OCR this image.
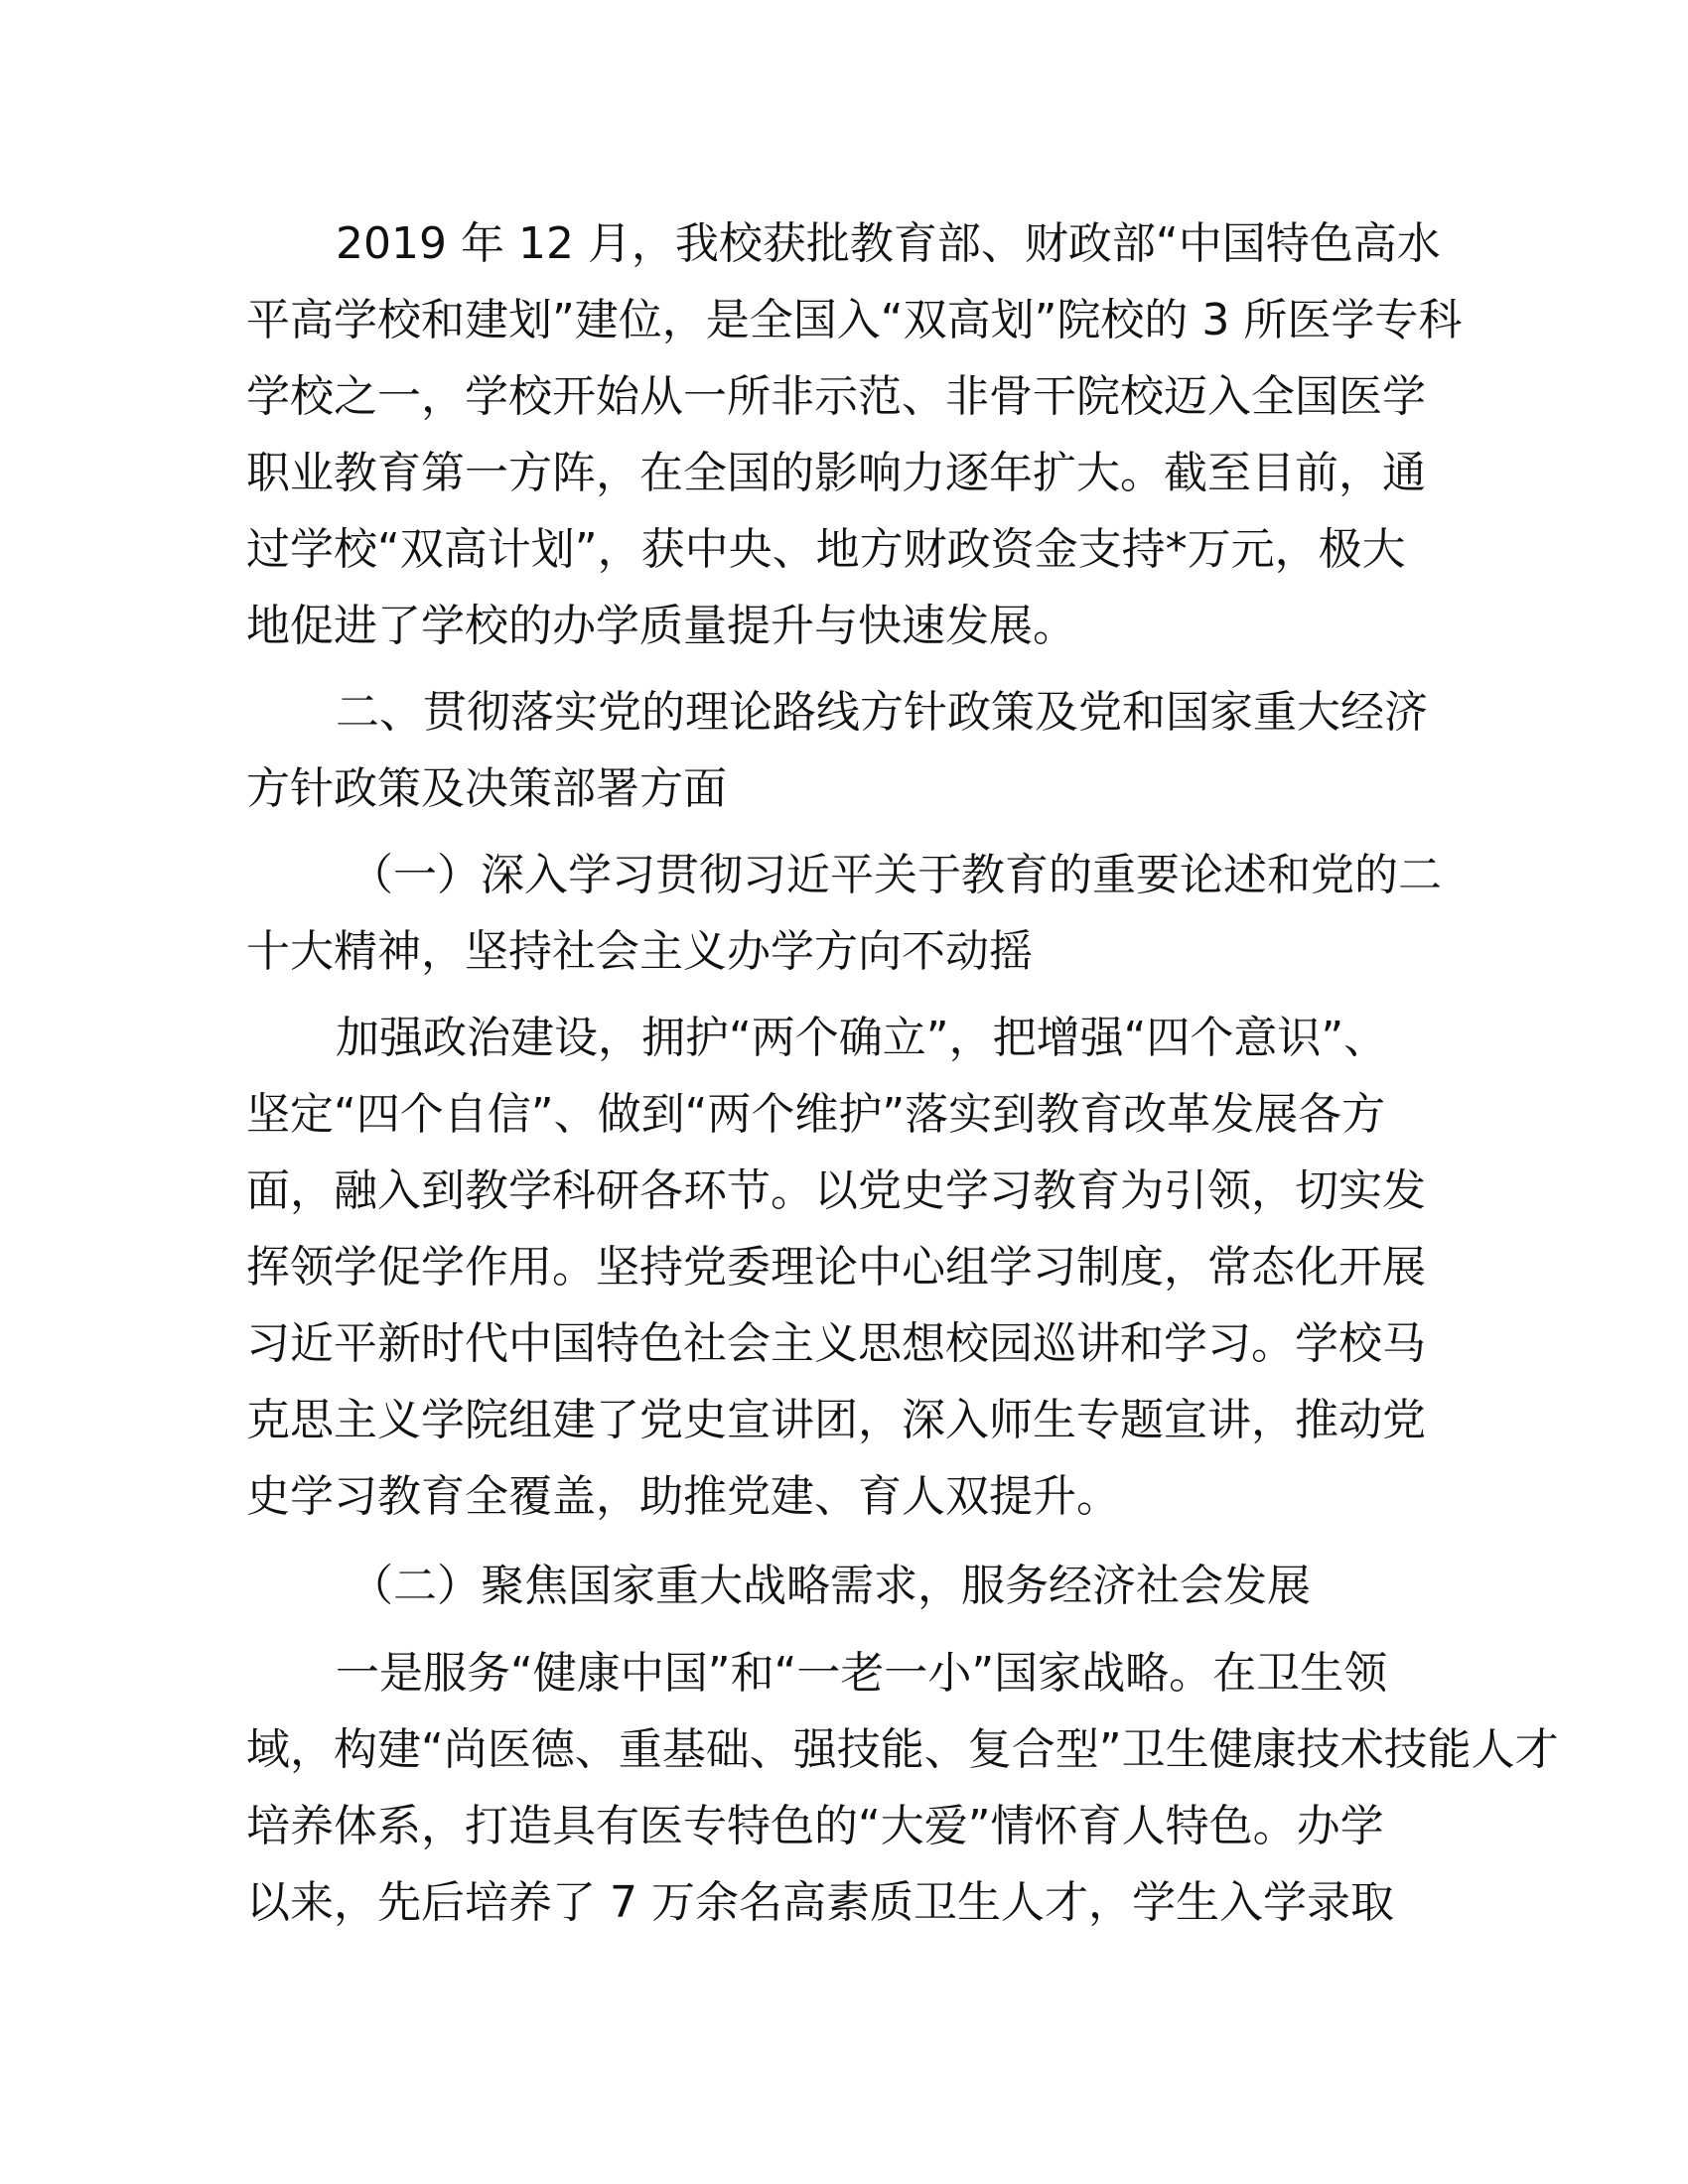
2019 年 12 月，我校获批教育部、财政部“中国特色高水

平高学校和建划”建位，是全国入“双高划”院校的 3 所医学专科

学校之一，学校开始从一所非示范、非骨干院校迈入全国医学

职业教育第一方阵，在全国的影响力逐年扩大。截至目前，通

过学校“双高计划”，获中央、地方财政资金支持*万元，极大

地促进了学校的办学质量提升与快速发展。

二、贯彻落实党的理论路线方针政策及党和国家重大经济

方针政策及决策部署方面

（一）深入学习贯彻习近平关于教育的重要论述和党的二

十大精神，坚持社会主义办学方向不动摇

加强政治建设，拥护“两个确立”，把增强“四个意识”、

坚定“四个自信”、做到“两个维护”落实到教育改革发展各方

面，融入到教学科研各环节。以党史学习教育为引领，切实发

挥领学促学作用。坚持党委理论中心组学习制度，常态化开展

习近平新时代中国特色社会主义思想校园巡讲和学习。学校马

克思主义学院组建了党史宣讲团，深入师生专题宣讲，推动党

史学习教育全覆盖，助推党建、育人双提升。

（二）聚焦国家重大战略需求，服务经济社会发展

一是服务“健康中国”和“一老一小”国家战略。在卫生领

域，构建“尚医德、重基础、强技能、复合型”卫生健康技术技能人才

培养体系，打造具有医专特色的“大爱”情怀育人特色。办学

以来，先后培养了 7 万余名高素质卫生人才，学生入学录取
